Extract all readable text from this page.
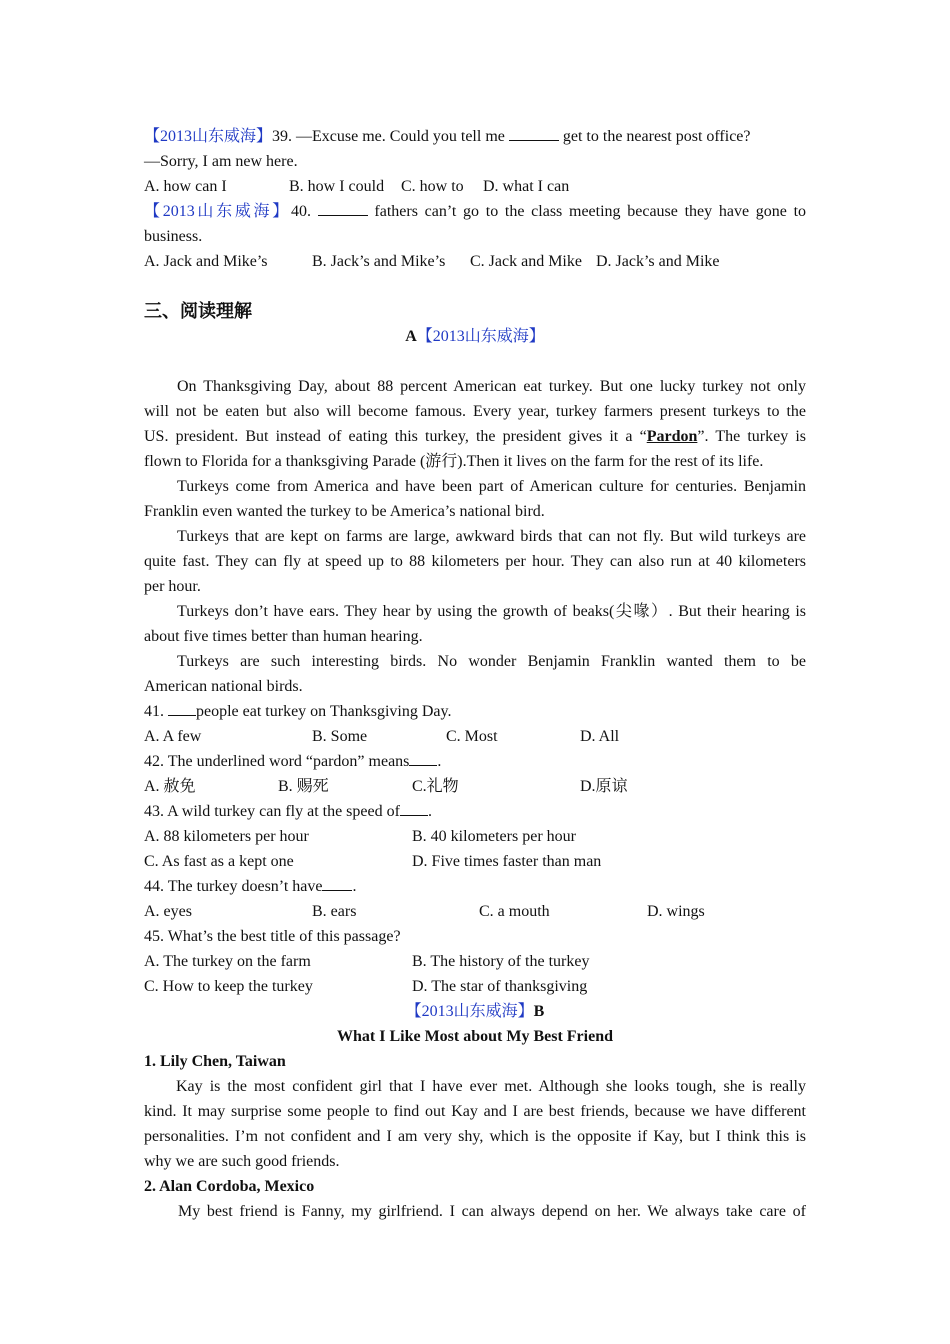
【2013山东威海】39. —Excuse me. Could you tell me	get to the nearest post office?
—Sorry, I am new here.
A. how can I	B. how I could C. how to D. what I can
【2013山东威海】40.	fathers can’t go to the class meeting because they have gone to
business.
A. Jack and Mike’s	B. Jack’s and Mike’s C. Jack and Mike D. Jack’s and Mike
三、阅读理解
A【2013山东威海】
On Thanksgiving Day, about 88 percent American eat turkey. But one lucky turkey not only
will not be eaten but also will become famous. Every year, turkey farmers present turkeys to the
US. president. But instead of eating this turkey, the president gives it a “Pardon”. The turkey is
flown to Florida for a thanksgiving Parade (游行).Then it lives on the farm for the rest of its life.
Turkeys come from America and have been part of American culture for centuries. Benjamin
Franklin even wanted the turkey to be America’s national bird.
Turkeys that are kept on farms are large, awkward birds that can not fly. But wild turkeys are
quite fast. They can fly at speed up to 88 kilometers per hour. They can also run at 40 kilometers
per hour.
Turkeys don’t have ears. They hear by using the growth of beaks(尖喙）. But their hearing is
about five times better than human hearing.
Turkeys are such interesting birds. No wonder Benjamin Franklin wanted them to be
American national birds.
41. people eat turkey on Thanksgiving Day.
A. A few	B. Some	C. Most	D. All
42. The underlined word “pardon” means .
A. 赦免	B. 赐死	C.礼物	D.原谅
43. A wild turkey can fly at the speed of .
A. 88 kilometers per hour	B. 40 kilometers per hour
C. As fast as a kept one	D. Five times faster than man
44. The turkey doesn’t have .
A. eyes	B. ears	C. a mouth	D. wings
45. What’s the best title of this passage?
A. The turkey on the farm	B. The history of the turkey
C. How to keep the turkey	D. The star of thanksgiving
【2013山东威海】B
What I Like Most about My Best Friend
1. Lily Chen, Taiwan
Kay is the most confident girl that I have ever met. Although she looks tough, she is really
kind. It may surprise some people to find out Kay and I are best friends, because we have different
personalities. I’m not confident and I am very shy, which is the opposite if Kay, but I think this is
why we are such good friends.
2. Alan Cordoba, Mexico
My best friend is Fanny, my girlfriend. I can always depend on her. We always take care of
